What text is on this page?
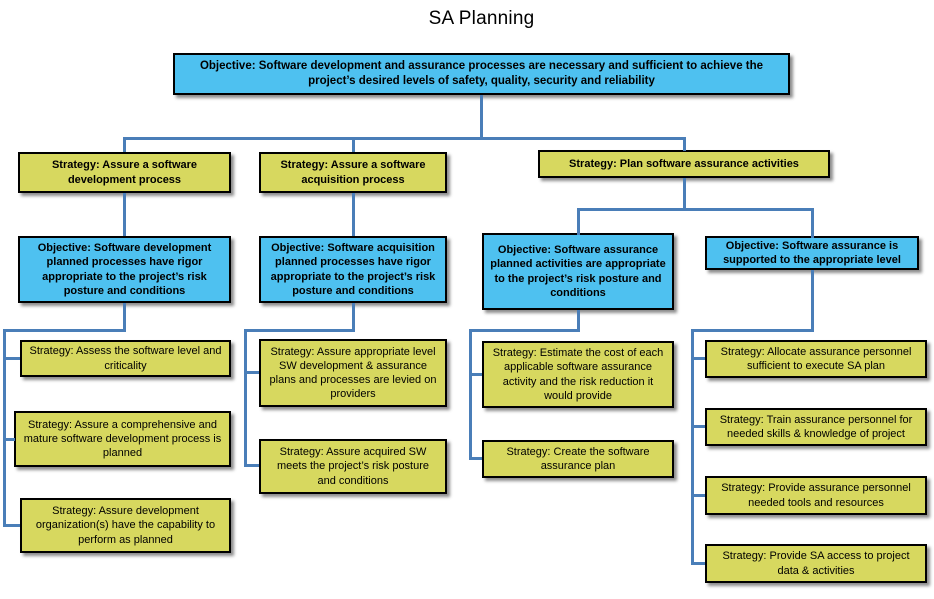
SA Planning
Objective: Software development and assurance processes are necessary and sufficient to achieve the project’s desired levels of safety, quality, security and reliability
Strategy: Assure a software development process
Strategy: Assure a software acquisition process
Strategy: Plan software assurance activities
Objective: Software development planned processes have rigor appropriate to the project’s risk posture and conditions
Objective: Software acquisition planned processes have rigor appropriate to the project’s risk posture and conditions
Objective: Software assurance planned activities are appropriate to the project’s risk posture and conditions
Objective: Software assurance is supported to the appropriate level
Strategy: Assess the software level and criticality
Strategy: Assure a comprehensive and mature software development process is planned
Strategy: Assure development organization(s) have the capability to perform as planned
Strategy: Assure appropriate level SW development & assurance plans and processes are levied on providers
Strategy: Assure acquired SW meets the project’s risk posture and conditions
Strategy: Estimate the cost of each applicable software assurance activity and the risk reduction it would provide
Strategy: Create the software assurance plan
Strategy: Allocate assurance personnel sufficient to execute SA plan
Strategy: Train assurance personnel for needed skills & knowledge of project
Strategy: Provide assurance personnel needed tools and resources
Strategy: Provide SA access to project data & activities
